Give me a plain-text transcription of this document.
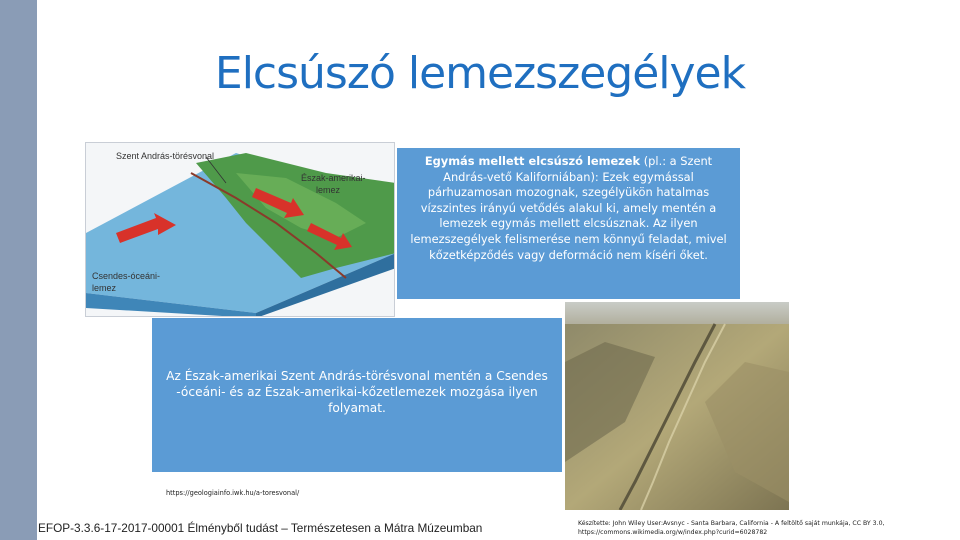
Elcsúszó lemezszegélyek
Szent András-törésvonal
Észak-amerikai-
lemez
Csendes-óceáni-
lemez
Egymás mellett elcsúszó lemezek (pl.: a Szent András-vető Kaliforniában): Ezek egymással párhuzamosan mozognak, szegélyükön hatalmas vízszintes irányú vetődés alakul ki, amely mentén a lemezek egymás mellett elcsúsznak. Az ilyen lemezszegélyek felismerése nem könnyű feladat, mivel kőzetképződés vagy deformáció nem kíséri őket.
Az Észak-amerikai Szent András-törésvonal mentén a Csendes -óceáni- és az Észak-amerikai-kőzetlemezek mozgása ilyen folyamat.
https://geologiainfo.iwk.hu/a-toresvonal/
EFOP-3.3.6-17-2017-00001 Élményből tudást – Természetesen a Mátra Múzeumban	Készítette: John Wiley User:Avsnyc - Santa Barbara, California - A feltöltő saját munkája, CC BY 3.0,
https://commons.wikimedia.org/w/index.php?curid=6028782
